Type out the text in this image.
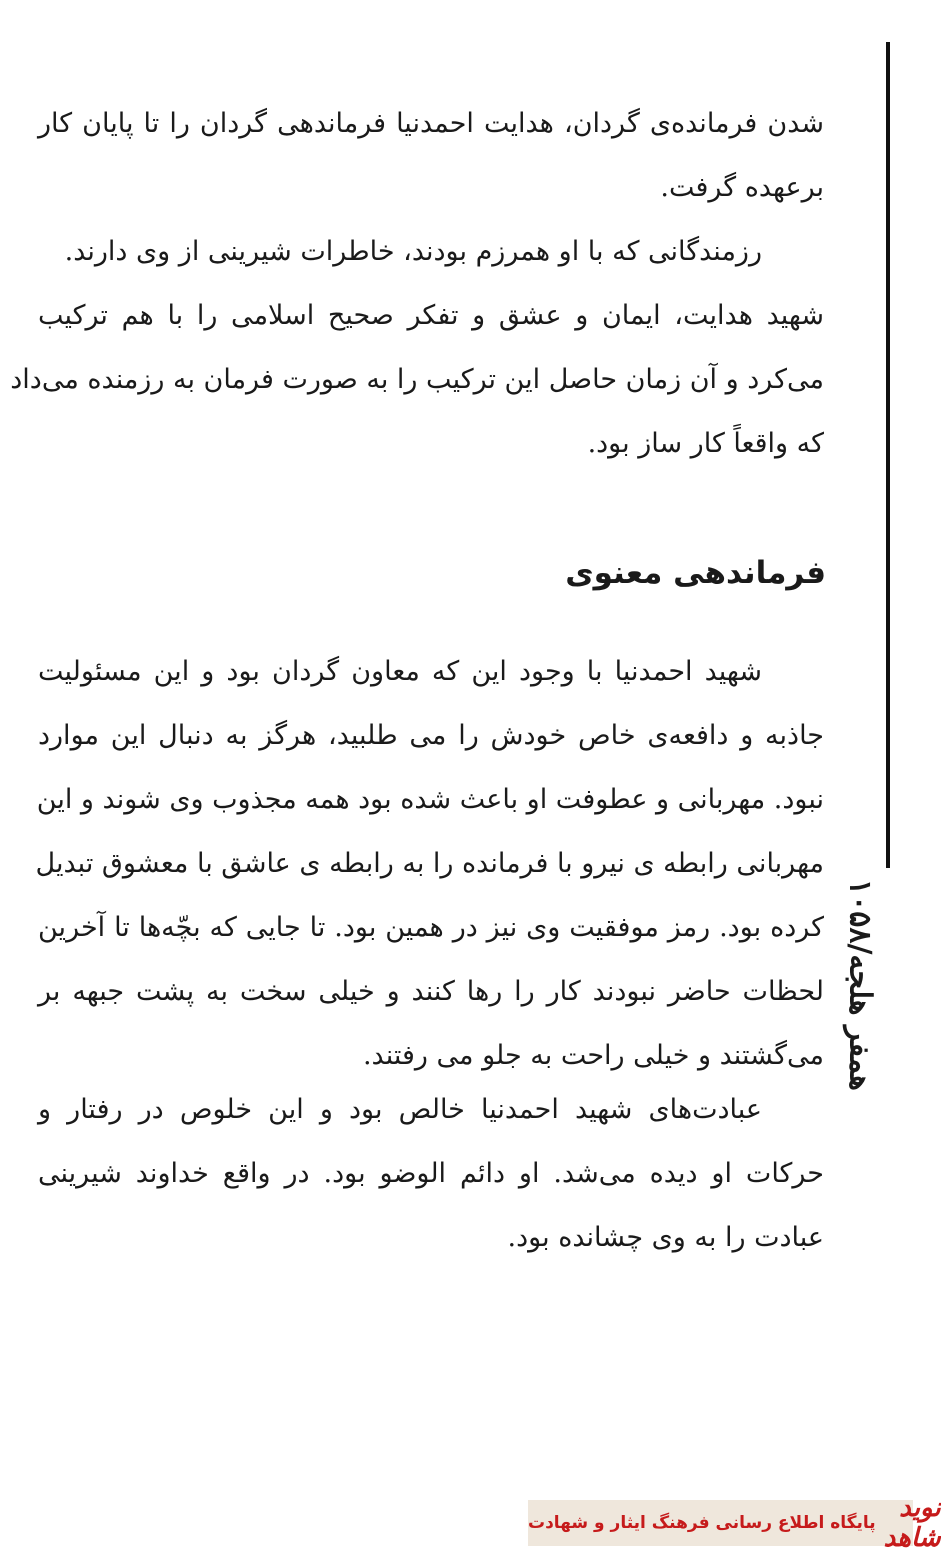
همفر هلجه/۱۰۵۸
شدن فرمانده‌ی گردان، هدایت احمدنیا فرماندهی گردان را تا پایان کار
برعهده گرفت.
رزمندگانی که با او همرزم بودند، خاطرات شیرینی از وی دارند.
شهید هدایت، ایمان و عشق و تفکر صحیح اسلامی را با هم ترکیب
می‌کرد و آن زمان حاصل این ترکیب را به صورت فرمان به رزمنده می‌داد
که واقعاً کار ساز بود.
فرماندهی معنوی
شهید احمدنیا با وجود این که معاون گردان بود و این مسئولیت
جاذبه و دافعه‌ی خاص خودش را می طلبید، هرگز به دنبال این موارد
نبود. مهربانی و عطوفت او باعث شده بود همه مجذوب وی شوند و این
مهربانی رابطه ی نیرو با فرمانده را به رابطه ی عاشق با معشوق تبدیل
کرده بود. رمز موفقیت وی نیز در همین بود. تا جایی که بچّه‌ها تا آخرین
لحظات حاضر نبودند کار را رها کنند و خیلی سخت به پشت جبهه بر
می‌گشتند و خیلی راحت به جلو می رفتند.
عبادت‌های شهید احمدنیا خالص بود و این خلوص در رفتار و
حرکات او دیده می‌شد. او دائم الوضو بود. در واقع خداوند شیرینی
عبادت را به وی چشانده بود.
نوید شاهد
پایگاه اطلاع رسانی فرهنگ ایثار و شهادت
